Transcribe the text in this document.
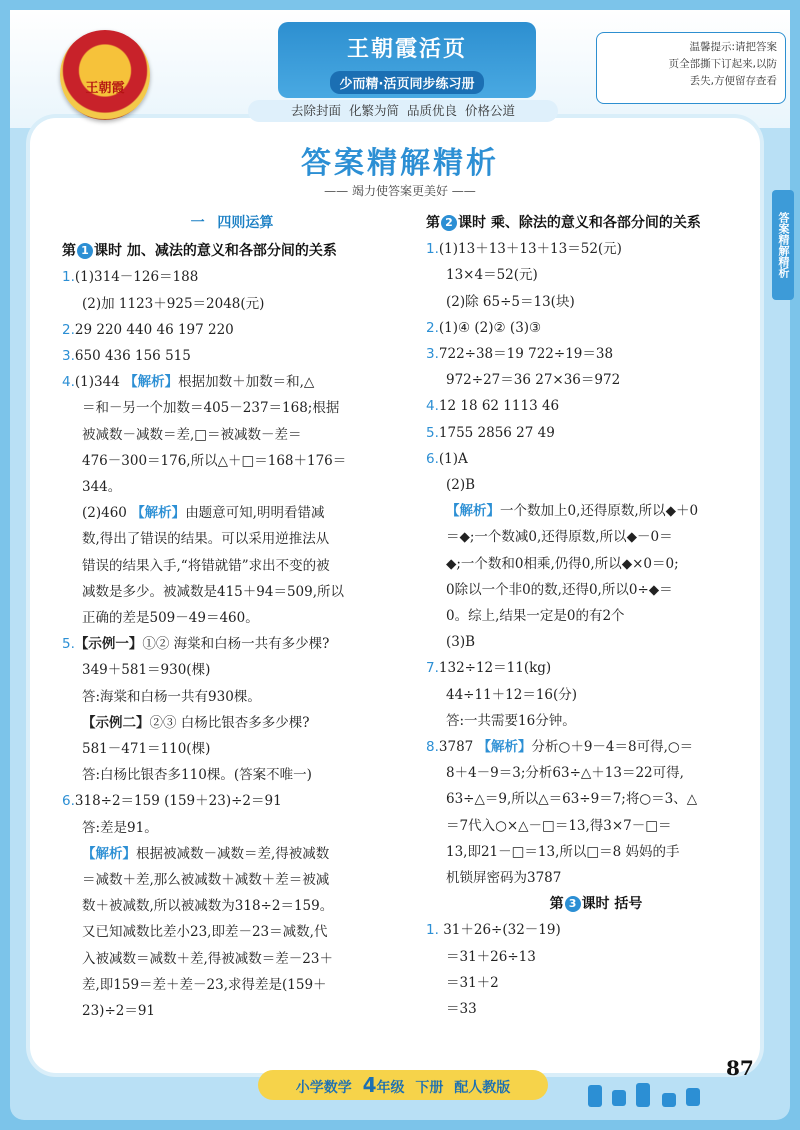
王朝霞
王朝霞活页
少而精·活页同步练习册
温馨提示:请把答案
页全部撕下订起来,以防
丢失,方便留存查看
去除封面 化繁为简 品质优良 价格公道
答案精解精析
答案精解精析
—— 竭力使答案更美好 ——
一 四则运算
第 1 课时 加、减法的意义和各部分间的关系
1.(1)314－126＝188
(2)加 1123＋925＝2048(元)
2.29 220 440 46 197 220
3.650 436 156 515
4.(1)344 【解析】根据加数＋加数＝和,△
＝和－另一个加数＝405－237＝168;根据
被减数－减数＝差,□＝被减数－差＝
476－300＝176,所以△＋□＝168＋176＝
344。
(2)460 【解析】由题意可知,明明看错减
数,得出了错误的结果。可以采用逆推法从
错误的结果入手,“将错就错”求出不变的被
减数是多少。被减数是415＋94＝509,所以
正确的差是509－49＝460。
5.【示例一】①② 海棠和白杨一共有多少棵?
349＋581＝930(棵)
答:海棠和白杨一共有930棵。
【示例二】②③ 白杨比银杏多多少棵?
581－471＝110(棵)
答:白杨比银杏多110棵。(答案不唯一)
6.318÷2＝159 (159＋23)÷2＝91
答:差是91。
【解析】根据被减数－减数＝差,得被减数
＝减数＋差,那么被减数＋减数＋差＝被减
数＋被减数,所以被减数为318÷2＝159。
又已知减数比差小23,即差－23＝减数,代
入被减数＝减数＋差,得被减数＝差－23＋
差,即159＝差＋差－23,求得差是(159＋
23)÷2＝91
第 2 课时 乘、除法的意义和各部分间的关系
1.(1)13＋13＋13＋13＝52(元)
13×4＝52(元)
(2)除 65÷5＝13(块)
2.(1)④ (2)② (3)③
3.722÷38＝19 722÷19＝38
972÷27＝36 27×36＝972
4.12 18 62 1113 46
5.1755 2856 27 49
6.(1)A
(2)B
【解析】一个数加上0,还得原数,所以◆＋0
＝◆;一个数减0,还得原数,所以◆－0＝
◆;一个数和0相乘,仍得0,所以◆×0＝0;
0除以一个非0的数,还得0,所以0÷◆＝
0。综上,结果一定是0的有2个
(3)B
7.132÷12＝11(kg)
44÷11＋12＝16(分)
答:一共需要16分钟。
8.3787 【解析】分析○＋9－4＝8可得,○＝
8＋4－9＝3;分析63÷△＋13＝22可得,
63÷△＝9,所以△＝63÷9＝7;将○＝3、△
＝7代入○×△－□＝13,得3×7－□＝
13,即21－□＝13,所以□＝8 妈妈的手
机锁屏密码为3787
第 3 课时 括号
1. 31＋26÷(32－19)
＝31＋26÷13
＝31＋2
＝33
87
小学数学 4年级 下册 配人教版
